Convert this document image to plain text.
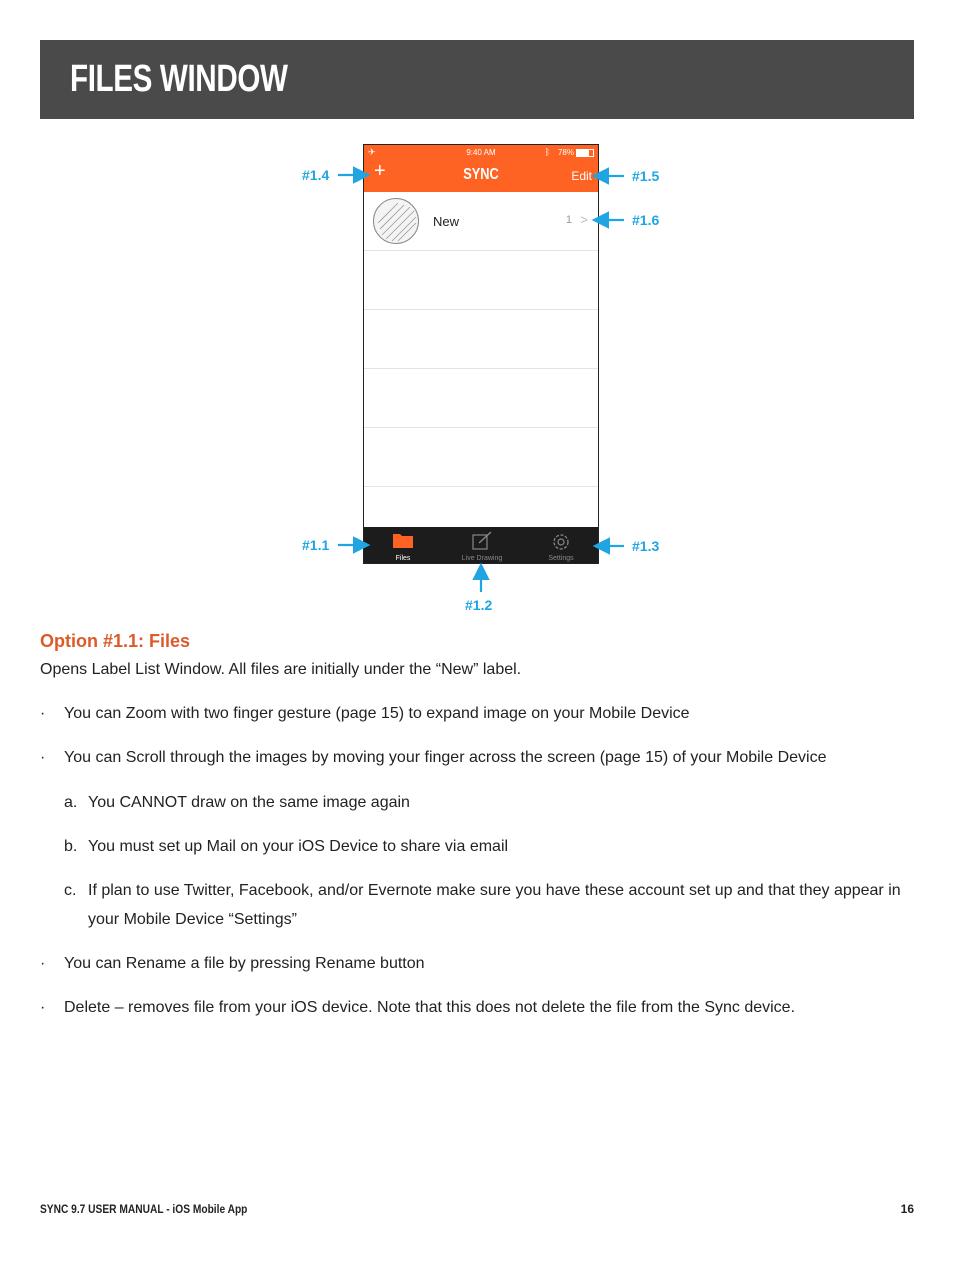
FILES WINDOW
✈	9:40 AM	ᛒ 78%
+	SYNC	Edit
New	1 >
Files	Live Drawing	Settings
#1.4	#1.5
#1.6
#1.1	#1.3
#1.2
Option #1.1: Files
Opens Label List Window. All files are initially under the “New” label.
· You can Zoom with two finger gesture (page 15) to expand image on your Mobile Device
· You can Scroll through the images by moving your finger across the screen (page 15) of your Mobile Device
a. You CANNOT draw on the same image again
b. You must set up Mail on your iOS Device to share via email
c. If plan to use Twitter, Facebook, and/or Evernote make sure you have these account set up and that they appear in your Mobile Device “Settings”
· You can Rename a file by pressing Rename button
· Delete – removes file from your iOS device. Note that this does not delete the file from the Sync device.
SYNC 9.7 USER MANUAL - iOS Mobile App	16
